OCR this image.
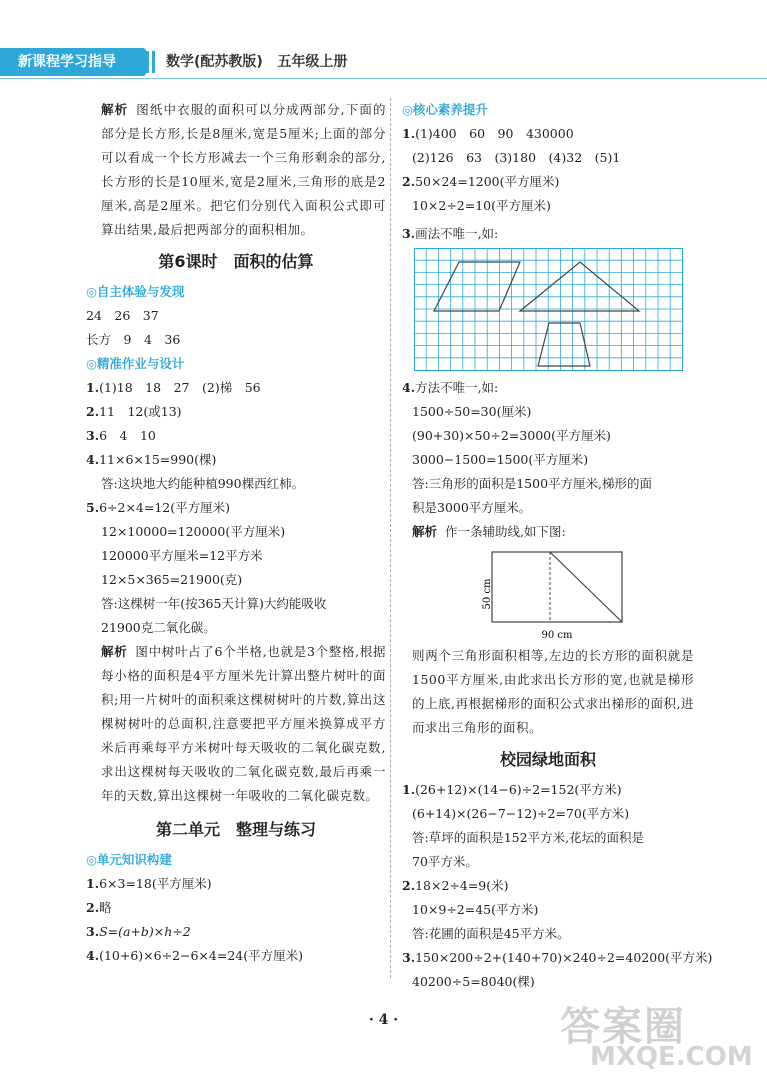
新课程学习指导	数学(配苏教版)   五年级上册
解析 图纸中衣服的面积可以分成两部分,下面的部分是长方形,长是8厘米,宽是5厘米;上面的部分可以看成一个长方形减去一个三角形剩余的部分,长方形的长是10厘米,宽是2厘米,三角形的底是2厘米,高是2厘米。把它们分别代入面积公式即可算出结果,最后把两部分的面积相加。
第6课时　面积的估算
◎自主体验与发现
24　26　37
长方　9　4　36
◎精准作业与设计
1.(1)18　18　27　(2)梯　56
2.11　12(或13)
3.6　4　10
4.11×6×15=990(棵)
答:这块地大约能种植990棵西红柿。
5.6÷2×4=12(平方厘米)
12×10000=120000(平方厘米)
120000平方厘米=12平方米
12×5×365=21900(克)
答:这棵树一年(按365天计算)大约能吸收
21900克二氧化碳。
解析 图中树叶占了6个半格,也就是3个整格,根据每小格的面积是4平方厘米先计算出整片树叶的面积;用一片树叶的面积乘这棵树树叶的片数,算出这棵树树叶的总面积,注意要把平方厘米换算成平方米后再乘每平方米树叶每天吸收的二氧化碳克数,求出这棵树每天吸收的二氧化碳克数,最后再乘一年的天数,算出这棵树一年吸收的二氧化碳克数。
第二单元　整理与练习
◎单元知识构建
1.6×3=18(平方厘米)
2.略
3.S=(a+b)×h÷2
4.(10+6)×6÷2−6×4=24(平方厘米)
◎核心素养提升
1.(1)400　60　90　430000
(2)126　63　(3)180　(4)32　(5)1
2.50×24=1200(平方厘米)
10×2÷2=10(平方厘米)
3.画法不唯一,如:
4.方法不唯一,如:
1500÷50=30(厘米)
(90+30)×50÷2=3000(平方厘米)
3000−1500=1500(平方厘米)
答:三角形的面积是1500平方厘米,梯形的面
积是3000平方厘米。
解析 作一条辅助线,如下图:
50 cm
90 cm
则两个三角形面积相等,左边的长方形的面积就是1500平方厘米,由此求出长方形的宽,也就是梯形的上底,再根据梯形的面积公式求出梯形的面积,进而求出三角形的面积。
校园绿地面积
1.(26+12)×(14−6)÷2=152(平方米)
(6+14)×(26−7−12)÷2=70(平方米)
答:草坪的面积是152平方米,花坛的面积是
70平方米。
2.18×2÷4=9(米)
10×9÷2=45(平方米)
答:花圃的面积是45平方米。
3.150×200÷2+(140+70)×240÷2=40200(平方米)
40200÷5=8040(棵)
· 4 ·	答案圈
MXQE.COM
